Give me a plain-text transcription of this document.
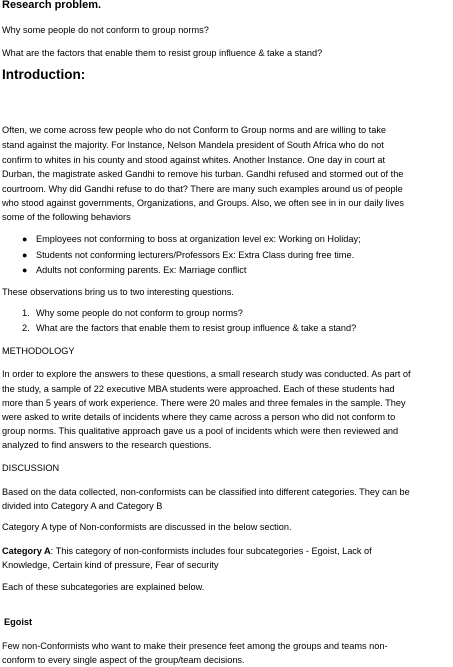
Research problem.
Why some people do not conform to group norms?
What are the factors that enable them to resist group influence & take a stand?
Introduction:
Often, we come across few people who do not Conform to Group norms and are willing to take
stand against the majority. For Instance, Nelson Mandela president of South Africa who do not
confirm to whites in his county and stood against whites. Another Instance. One day in court at
Durban, the magistrate asked Gandhi to remove his turban. Gandhi refused and stormed out of the
courtroom. Why did Gandhi refuse to do that? There are many such examples around us of people
who stood against governments, Organizations, and Groups. Also, we often see in in our daily lives
some of the following behaviors
● Employees not conforming to boss at organization level ex: Working on Holiday;
● Students not conforming lecturers/Professors Ex: Extra Class during free time.
● Adults not conforming parents. Ex: Marriage conflict
These observations bring us to two interesting questions.
1. Why some people do not conform to group norms?
2. What are the factors that enable them to resist group influence & take a stand?
METHODOLOGY
In order to explore the answers to these questions, a small research study was conducted. As part of
the study, a sample of 22 executive MBA students were approached. Each of these students had
more than 5 years of work experience. There were 20 males and three females in the sample. They
were asked to write details of incidents where they came across a person who did not conform to
group norms. This qualitative approach gave us a pool of incidents which were then reviewed and
analyzed to find answers to the research questions.
DISCUSSION
Based on the data collected, non-conformists can be classified into different categories. They can be
divided into Category A and Category B
Category A type of Non-conformists are discussed in the below section.
Category A: This category of non-conformists includes four subcategories - Egoist, Lack of
Knowledge, Certain kind of pressure, Fear of security
Each of these subcategories are explained below.
Egoist
Few non-Conformists who want to make their presence feet among the groups and teams non-
conform to every single aspect of the group/team decisions.
